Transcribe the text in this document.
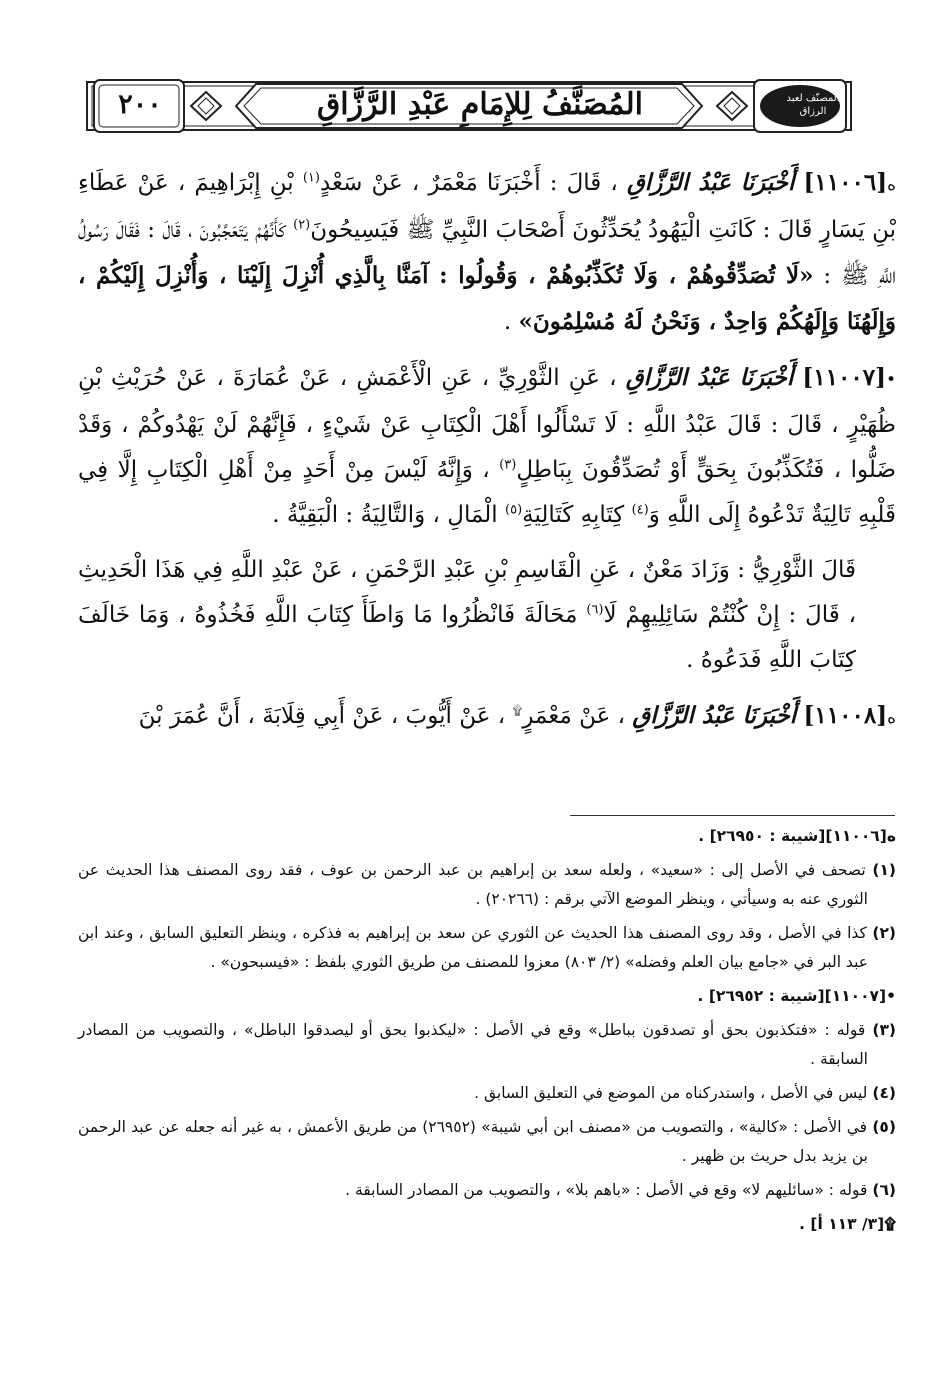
٢٠٠	المُصَنَّفُ لِلإِمَامِ عَبْدِ الرَّزَّاقِ	المصنّف لعبد الرزاق

ه[١١٠٠٦] أَخْبَرَنَا عَبْدُ الرَّزَّاقِ ، قَالَ : أَخْبَرَنَا مَعْمَرٌ ، عَنْ سَعْدٍ$^{(١)}$ بْنِ إِبْرَاهِيمَ ، عَنْ عَطَاءِ بْنِ يَسَارٍ قَالَ : كَانَتِ الْيَهُودُ يُحَدِّثُونَ أَصْحَابَ النَّبِيِّ ﷺ فَيَسِيحُونَ$^{(٢)}$ كَأَنَّهُمْ يَتَعَجَّبُونَ ، قَالَ : فَقَالَ رَسُولُ اللَّهِ ﷺ : «لَا تُصَدِّقُوهُمْ ، وَلَا تُكَذِّبُوهُمْ ، وَقُولُوا : آمَنَّا بِالَّذِي أُنْزِلَ إِلَيْنَا ، وَأُنْزِلَ إِلَيْكُمْ ، وَإِلَهُنَا وَإِلَهُكُمْ وَاحِدٌ ، وَنَحْنُ لَهُ مُسْلِمُونَ» .

•[١١٠٠٧] أَخْبَرَنَا عَبْدُ الرَّزَّاقِ ، عَنِ الثَّوْرِيِّ ، عَنِ الْأَعْمَشِ ، عَنْ عُمَارَةَ ، عَنْ حُرَيْثِ بْنِ ظُهَيْرٍ ، قَالَ : قَالَ عَبْدُ اللَّهِ : لَا تَسْأَلُوا أَهْلَ الْكِتَابِ عَنْ شَيْءٍ ، فَإِنَّهُمْ لَنْ يَهْدُوكُمْ ، وَقَدْ ضَلُّوا ، فَتُكَذِّبُونَ بِحَقٍّ أَوْ تُصَدِّقُونَ بِبَاطِلٍ$^{(٣)}$ ، وَإِنَّهُ لَيْسَ مِنْ أَحَدٍ مِنْ أَهْلِ الْكِتَابِ إِلَّا فِي قَلْبِهِ تَالِيَةٌ تَدْعُوهُ إِلَى اللَّهِ وَ$^{(٤)}$ كِتَابِهِ كَتَالِيَةِ$^{(٥)}$ الْمَالِ ، وَالتَّالِيَةُ : الْبَقِيَّةُ .

قَالَ الثَّوْرِيُّ : وَزَادَ مَعْنٌ ، عَنِ الْقَاسِمِ بْنِ عَبْدِ الرَّحْمَنِ ، عَنْ عَبْدِ اللَّهِ فِي هَذَا الْحَدِيثِ ، قَالَ : إِنْ كُنْتُمْ سَائِلِيهِمْ لَا$^{(٦)}$ مَحَالَةَ فَانْظُرُوا مَا وَاطَأَ كِتَابَ اللَّهِ فَخُذُوهُ ، وَمَا خَالَفَ كِتَابَ اللَّهِ فَدَعُوهُ .

ه[١١٠٠٨] أَخْبَرَنَا عَبْدُ الرَّزَّاقِ ، عَنْ مَعْمَرٍ۩ ، عَنْ أَيُّوبَ ، عَنْ أَبِي قِلَابَةَ ، أَنَّ عُمَرَ بْنَ

ه[١١٠٠٦][شيبة : ٢٦٩٥٠] .

(١) تصحف في الأصل إلى : «سعيد» ، ولعله سعد بن إبراهيم بن عبد الرحمن بن عوف ، فقد روى المصنف هذا الحديث عن الثوري عنه به وسيأتي ، وينظر الموضع الآتي برقم : (٢٠٢٦٦) .

(٢) كذا في الأصل ، وقد روى المصنف هذا الحديث عن الثوري عن سعد بن إبراهيم به فذكره ، وينظر التعليق السابق ، وعند ابن عبد البر في «جامع بيان العلم وفضله» (٢/ ٨٠٣) معزوا للمصنف من طريق الثوري بلفظ : «فيسبحون» .

•[١١٠٠٧][شيبة : ٢٦٩٥٢] .

(٣) قوله : «فتكذبون بحق أو تصدقون بباطل» وقع في الأصل : «ليكذبوا بحق أو ليصدقوا الباطل» ، والتصويب من المصادر السابقة .

(٤) ليس في الأصل ، واستدركناه من الموضع في التعليق السابق .

(٥) في الأصل : «كالية» ، والتصويب من «مصنف ابن أبي شيبة» (٢٦٩٥٢) من طريق الأعمش ، به غير أنه جعله عن عبد الرحمن بن يزيد بدل حريث بن ظهير .

(٦) قوله : «سائليهم لا» وقع في الأصل : «باهم بلا» ، والتصويب من المصادر السابقة .

۩[٣/ ١١٣ أ] .
